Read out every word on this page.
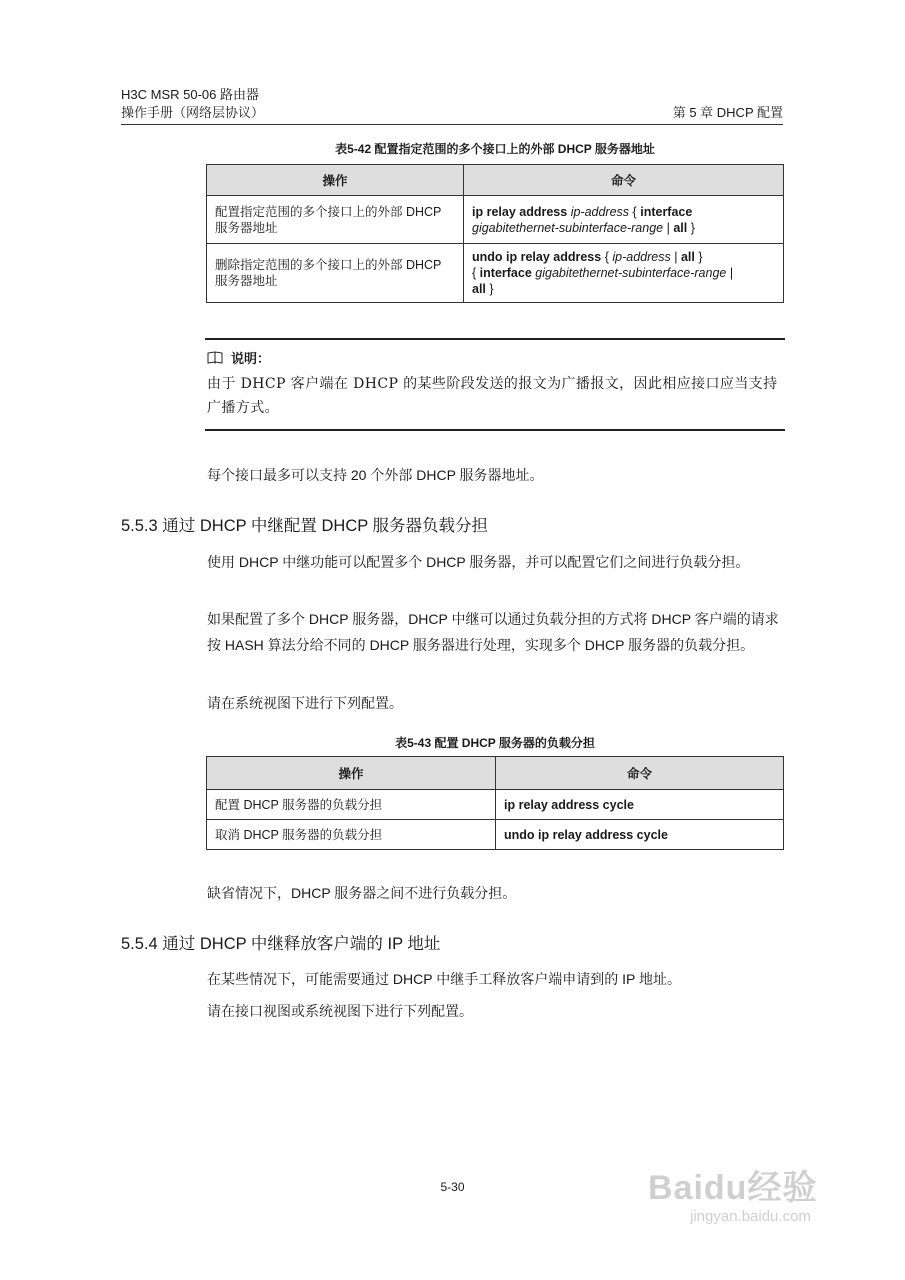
H3C MSR 50-06 路由器
操作手册（网络层协议）	第 5 章 DHCP 配置
表5-42 配置指定范围的多个接口上的外部 DHCP 服务器地址
操作	命令
配置指定范围的多个接口上的外部 DHCP 服务器地址	ip relay address ip-address { interface
gigabitethernet-subinterface-range | all }
删除指定范围的多个接口上的外部 DHCP 服务器地址	undo ip relay address { ip-address | all }
{ interface gigabitethernet-subinterface-range |
all }
说明：
由于 DHCP 客户端在 DHCP 的某些阶段发送的报文为广播报文，因此相应接口应当支持广播方式。
每个接口最多可以支持 20 个外部 DHCP 服务器地址。
5.5.3 通过 DHCP 中继配置 DHCP 服务器负载分担
使用 DHCP 中继功能可以配置多个 DHCP 服务器，并可以配置它们之间进行负载分担。
如果配置了多个 DHCP 服务器，DHCP 中继可以通过负载分担的方式将 DHCP 客户端的请求按 HASH 算法分给不同的 DHCP 服务器进行处理，实现多个 DHCP 服务器的负载分担。
请在系统视图下进行下列配置。
表5-43 配置 DHCP 服务器的负载分担
操作	命令
配置 DHCP 服务器的负载分担	ip relay address cycle
取消 DHCP 服务器的负载分担	undo ip relay address cycle
缺省情况下，DHCP 服务器之间不进行负载分担。
5.5.4 通过 DHCP 中继释放客户端的 IP 地址
在某些情况下，可能需要通过 DHCP 中继手工释放客户端申请到的 IP 地址。
请在接口视图或系统视图下进行下列配置。
5-30	Baidu经验
jingyan.baidu.com
